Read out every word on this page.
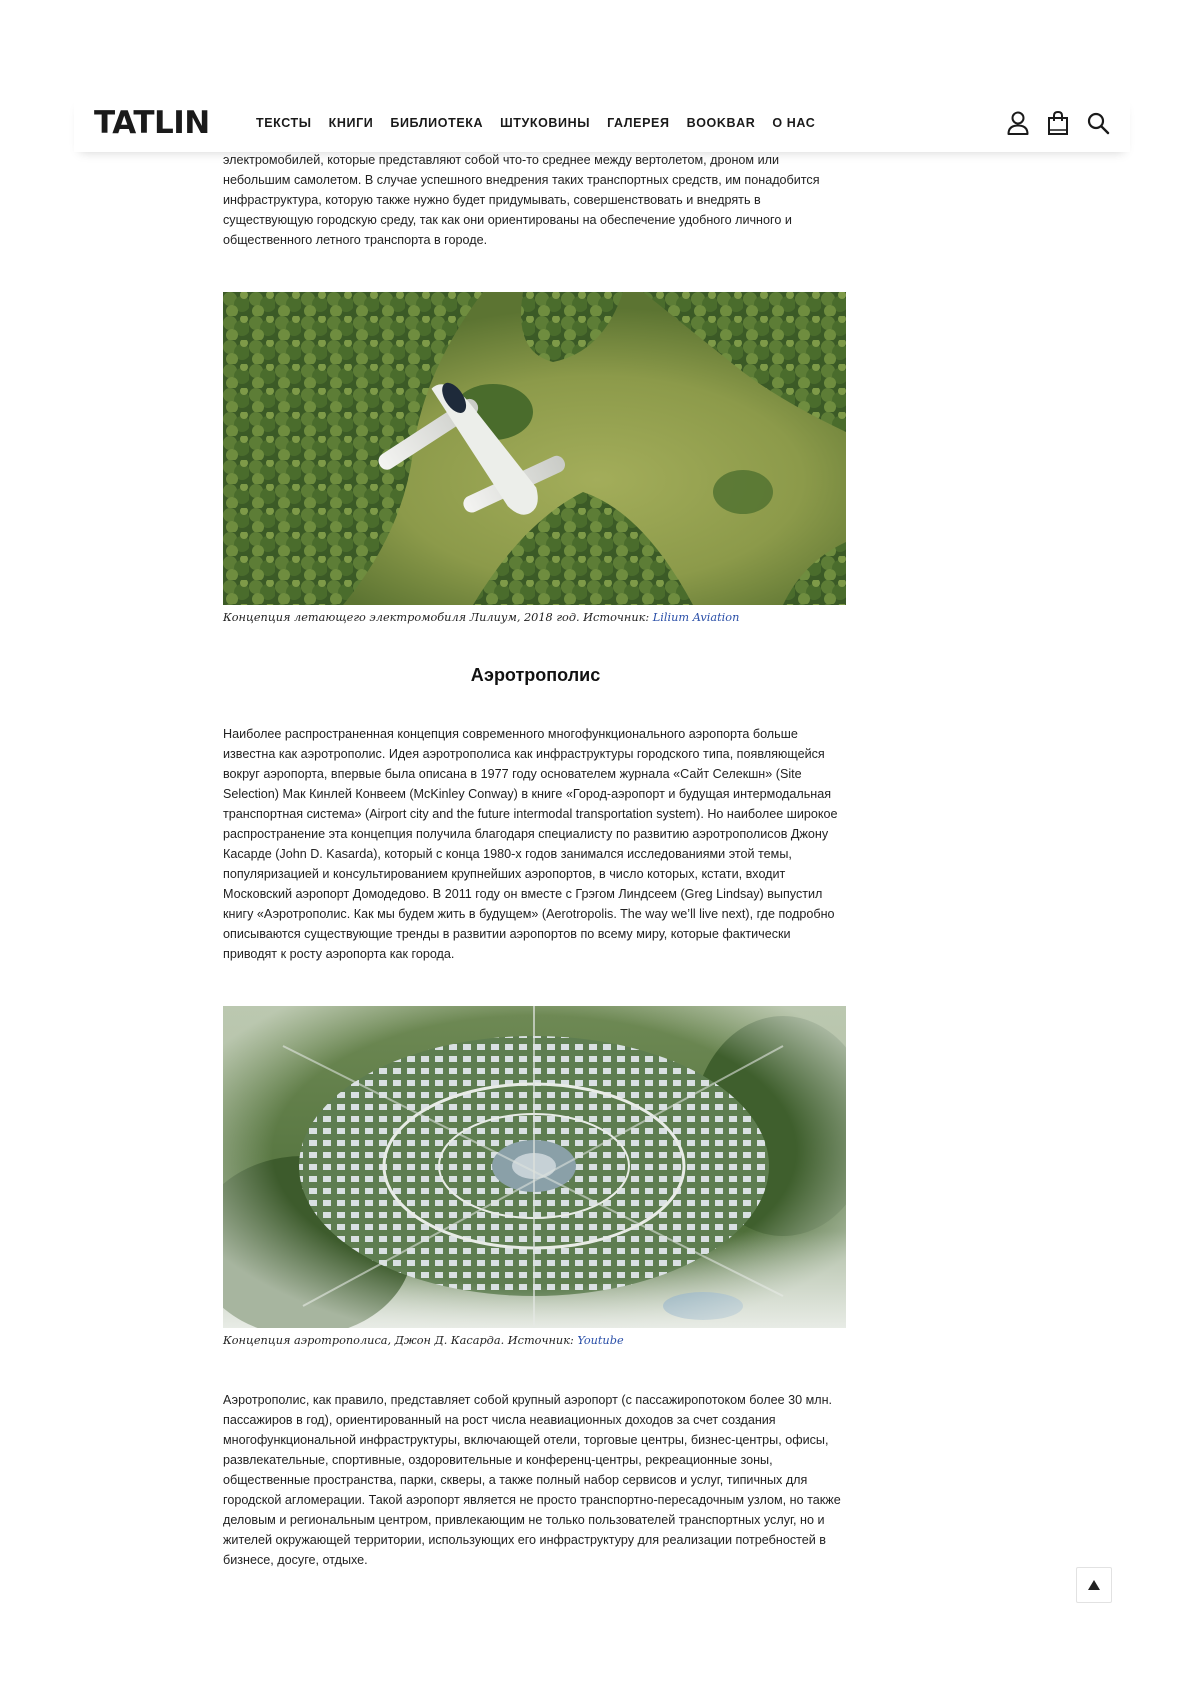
TATLIN	ТЕКСТЫ КНИГИ БИБЛИОТЕКА ШТУКОВИНЫ ГАЛЕРЕЯ BOOKBAR О НАС

электромобилей, которые представляют собой что-то среднее между вертолетом, дроном или небольшим самолетом. В случае успешного внедрения таких транспортных средств, им понадобится инфраструктура, которую также нужно будет придумывать, совершенствовать и внедрять в существующую городскую среду, так как они ориентированы на обеспечение удобного личного и общественного летного транспорта в городе.

Концепция летающего электромобиля Лилиум, 2018 год. Источник: Lilium Aviation
Аэротрополис

Наиболее распространенная концепция современного многофункционального аэропорта больше известна как аэротрополис. Идея аэротрополиса как инфраструктуры городского типа, появляющейся вокруг аэропорта, впервые была описана в 1977 году основателем журнала «Сайт Селекшн» (Site Selection) Мак Кинлей Конвеем (McKinley Conway) в книге «Город-аэропорт и будущая интермодальная транспортная система» (Airport city and the future intermodal transportation system). Но наиболее широкое распространение эта концепция получила благодаря специалисту по развитию аэротрополисов Джону Касарде (John D. Kasarda), который с конца 1980-х годов занимался исследованиями этой темы, популяризацией и консультированием крупнейших аэропортов, в число которых, кстати, входит Московский аэропорт Домодедово. В 2011 году он вместе с Грэгом Линдсеем (Greg Lindsay) выпустил книгу «Аэротрополис. Как мы будем жить в будущем» (Aerotropolis. The way we’ll live next), где подробно описываются существующие тренды в развитии аэропортов по всему миру, которые фактически приводят к росту аэропорта как города.

Концепция аэротрополиса, Джон Д. Касарда. Источник: Youtube

Аэротрополис, как правило, представляет собой крупный аэропорт (с пассажиропотоком более 30 млн. пассажиров в год), ориентированный на рост числа неавиационных доходов за счет создания многофункциональной инфраструктуры, включающей отели, торговые центры, бизнес-центры, офисы, развлекательные, спортивные, оздоровительные и конференц-центры, рекреационные зоны, общественные пространства, парки, скверы, а также полный набор сервисов и услуг, типичных для городской агломерации. Такой аэропорт является не просто транспортно-пересадочным узлом, но также деловым и региональным центром, привлекающим не только пользователей транспортных услуг, но и жителей окружающей территории, использующих его инфраструктуру для реализации потребностей в бизнесе, досуге, отдыхе.
